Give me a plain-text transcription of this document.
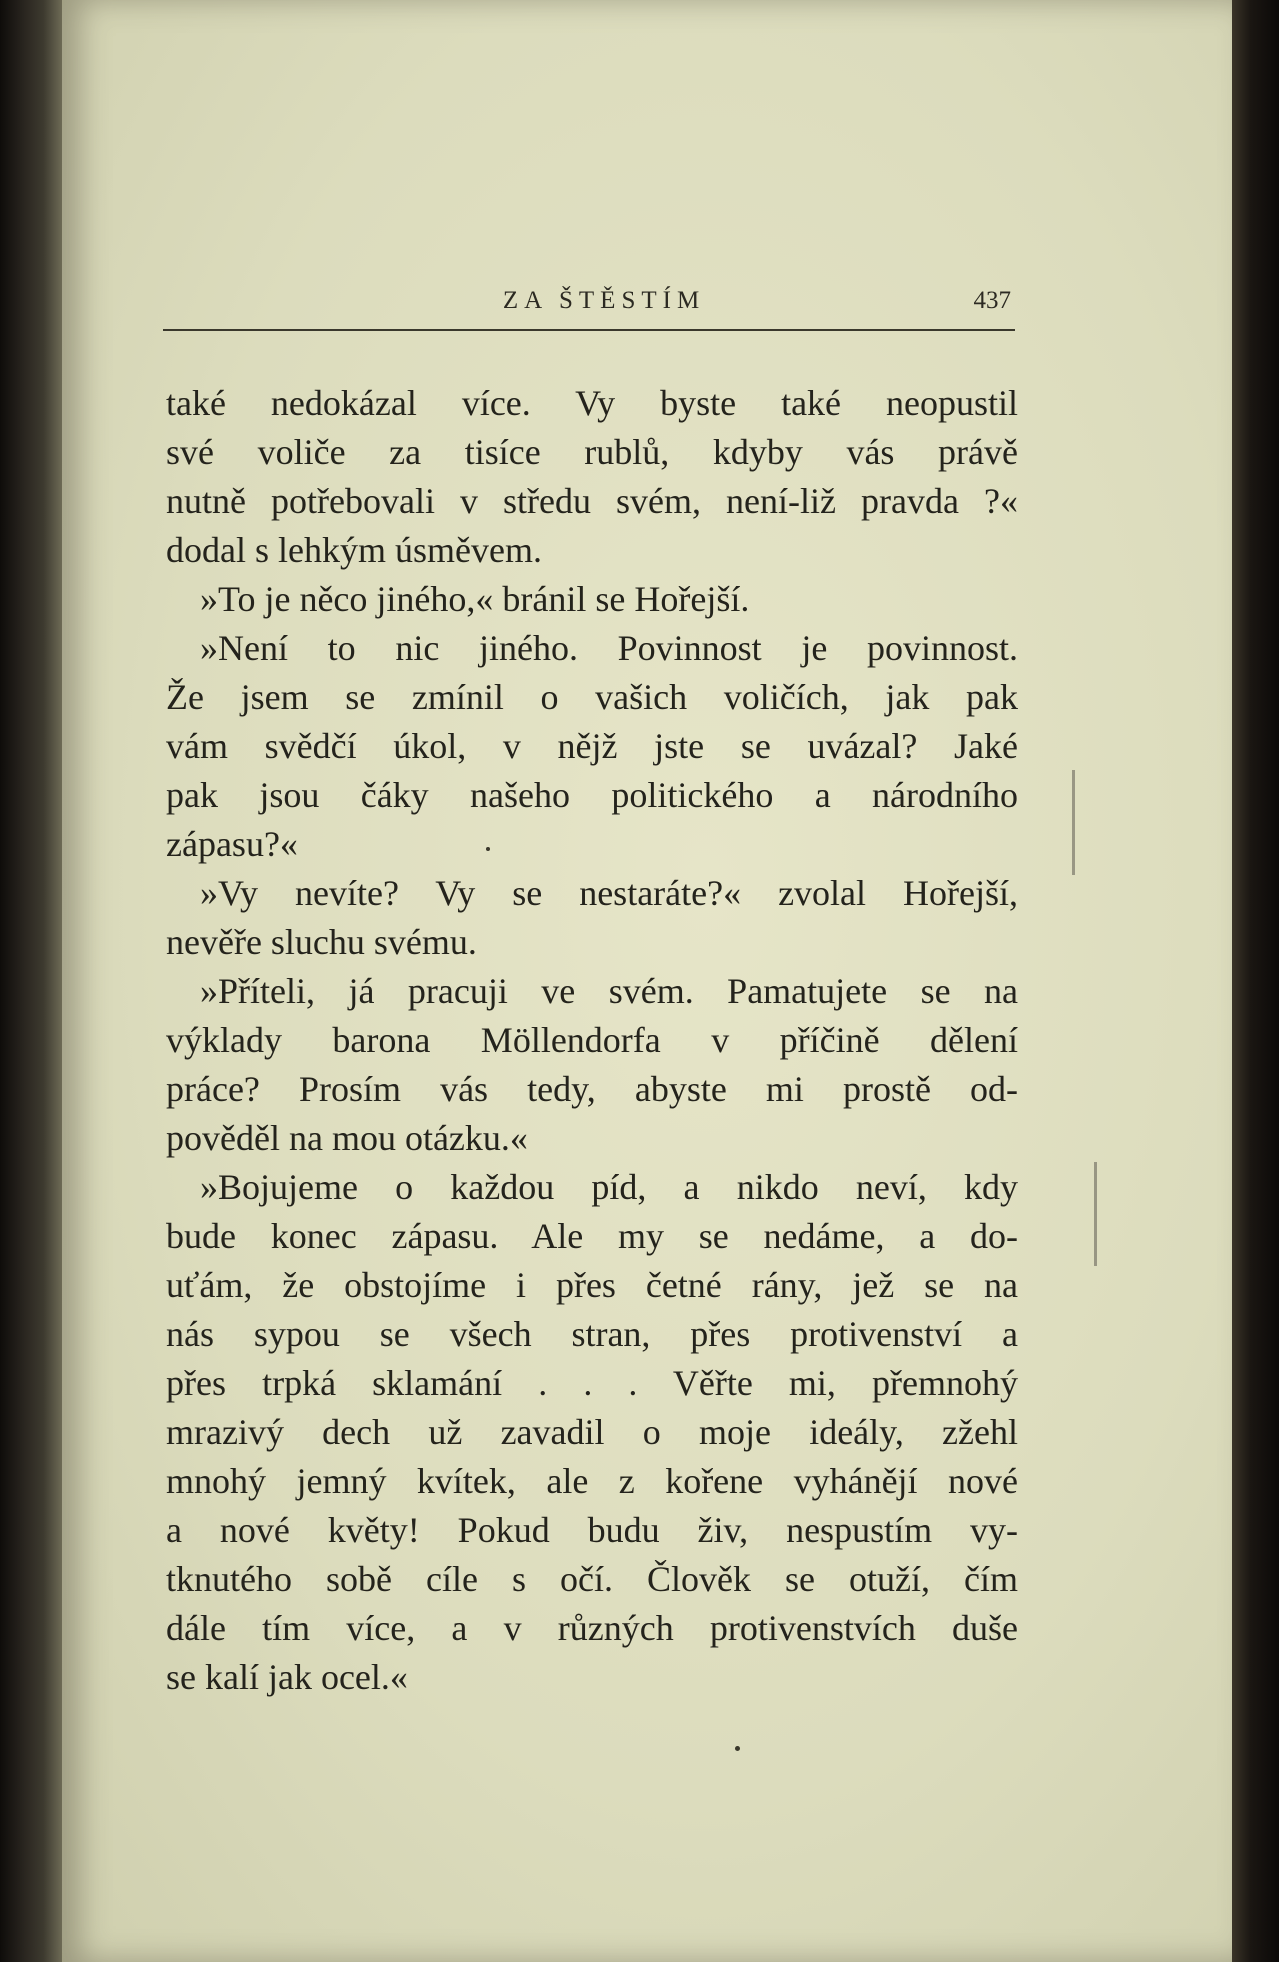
ZA ŠTĚSTÍM	437
také nedokázal více. Vy byste také neopustil
své voliče za tisíce rublů, kdyby vás právě
nutně potřebovali v středu svém, není-liž pravda ?«
dodal s lehkým úsměvem.
»To je něco jiného,« bránil se Hořejší.
»Není to nic jiného. Povinnost je povinnost.
Že jsem se zmínil o vašich voličích, jak pak
vám svědčí úkol, v nějž jste se uvázal? Jaké
pak jsou čáky našeho politického a národního
zápasu?«
»Vy nevíte? Vy se nestaráte?« zvolal Hořejší,
nevěře sluchu svému.
»Příteli, já pracuji ve svém. Pamatujete se na
výklady barona Möllendorfa v příčině dělení
práce? Prosím vás tedy, abyste mi prostě od-
pověděl na mou otázku.«
»Bojujeme o každou píd, a nikdo neví, kdy
bude konec zápasu. Ale my se nedáme, a do-
uťám, že obstojíme i přes četné rány, jež se na
nás sypou se všech stran, přes protivenství a
přes trpká sklamání . . . Věřte mi, přemnohý
mrazivý dech už zavadil o moje ideály, zžehl
mnohý jemný kvítek, ale z kořene vyhánějí nové
a nové květy! Pokud budu živ, nespustím vy-
tknutého sobě cíle s očí. Člověk se otuží, čím
dále tím více, a v různých protivenstvích duše
se kalí jak ocel.«
